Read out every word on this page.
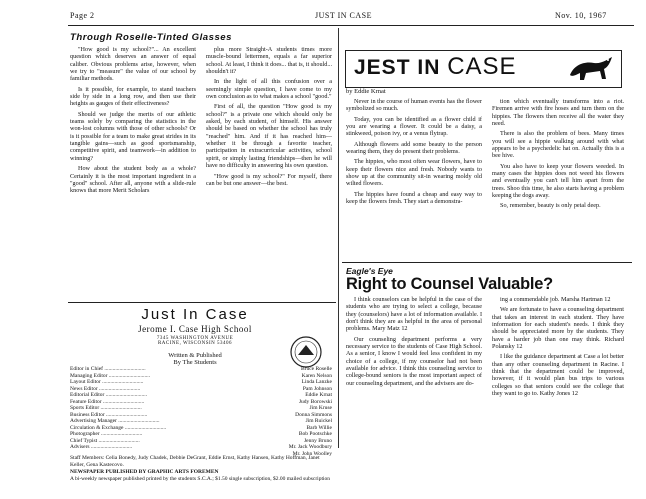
Page 2	JUST IN CASE	Nov. 10, 1967
Through Roselle-Tinted Glasses

"How good is my school?"... An excellent question which deserves an answer of equal caliber. Obvious problems arise, however, when we try to "measure" the value of our school by familiar methods.

Is it possible, for example, to stand teachers side by side in a long row, and then use their heights as gauges of their effectiveness?

Should we judge the merits of our athletic teams solely by comparing the statistics in the won-lost columns with those of other schools? Or is it possible for a team to make great strides in its tangible gains—such as good sportsmanship, competitive spirit, and teamwork—in addition to winning?

How about the student body as a whole? Certainly it is the most important ingredient in a "good" school. After all, anyone with a slide-rule knows that more Merit Scholars

plus more Straight-A students times more muscle-bound lettermen, equals a far superior school. At least, I think it does... that is, it should... shouldn't it?

In the light of all this confusion over a seemingly simple question, I have come to my own conclusion as to what makes a school "good."

First of all, the question "How good is my school?" is a private one which should only be asked, by each student, of himself. His answer should be based on whether the school has truly "reached" him. And if it has reached him—whether it be through a favorite teacher, participation in extracurricular activities, school spirit, or simply lasting friendships—then he will have no difficulty in answering his own question.

"How good is my school?" For myself, there can be but one answer—the best.

Just In Case
Jerome I. Case High School
7345 WASHINGTON AVENUE
RACINE, WISCONSIN 53406
Written & Published
By The Students
Editor in Chief ..............................	Bruce Roselle
Managing Editor ..............................	Karen Nelson
Layout Editor ..............................	Linda Lanzke
News Editor ..............................	Pam Johnson
Editorial Editor ..............................	Eddie Krnat
Feature Editor ..............................	Judy Borowski
Sports Editor ..............................	Jim Kruse
Business Editor ..............................	Donna Simmons
Advertising Manager ..............................	Jim Ruickel
Circulation & Exchange ..............................	Barb Willie
Photographer ..............................	Bob Pootschke
Chief Typist ..............................	Jenny Bruno
Advisers ..............................	Mr. Jack Woodbury
Mr. John Woolley
Staff Members: Celia Bonedy, Judy Chadek, Debbie DeGrant, Eddie Ernst, Kathy Hansen, Kathy Hoffman, Janet Keller, Gena Kastecovo.
NEWSPAPER PUBLISHED BY GRAPHIC ARTS FOREMEN
A bi-weekly newspaper published printed by the students S.C.A.; $1.50 single subscription, $2.00 mailed subscription
JEST IN CASE
by Eddie Krnat

Never in the course of human events has the flower symbolized so much.

Today, you can be identified as a flower child if you are wearing a flower. It could be a daisy, a stinkweed, poison ivy, or a venus flytrap.

Although flowers add some beauty to the person wearing them, they do present their problems.

The hippies, who most often wear flowers, have to keep their flowers nice and fresh. Nobody wants to show up at the community sit-in wearing moldy old wilted flowers.

The hippies have found a cheap and easy way to keep the flowers fresh. They start a demonstra-

tion which eventually transforms into a riot. Firemen arrive with fire hoses and turn them on the hippies. The flowers then receive all the water they need.

There is also the problem of bees. Many times you will see a hippie walking around with what appears to be a psychedelic hat on. Actually this is a bee hive.

You also have to keep your flowers weeded. In many cases the hippies does not weed his flowers and eventually you can't tell him apart from the trees. Shoo this time, he also starts having a problem keeping the dogs away.

So, remember, beauty is only petal deep.

Eagle's Eye
Right to Counsel Valuable?

I think counselors can be helpful in the case of the students who are trying to select a college, because they (counselors) have a lot of information available. I don't think they are as helpful in the area of personal problems. Mary Matz 12

Our counseling department performs a very necessary service to the students of Case High School. As a senior, I know I would feel less confident in my choice of a college, if my counselor had not been available for advice. I think this counseling service to college-bound seniors is the most important aspect of our counseling department, and the advisers are do-

ing a commendable job. Marsha Hartman 12

We are fortunate to have a counseling department that takes an interest in each student. They have information for each student's needs. I think they should be appreciated more by the students. They have a harder job than one may think. Richard Polansky 12

I like the guidance department at Case a lot better than any other counseling department in Racine. I think that the department could be improved, however, if it would plan bus trips to various colleges so that seniors could see the college that they want to go to. Kathy Jones 12
